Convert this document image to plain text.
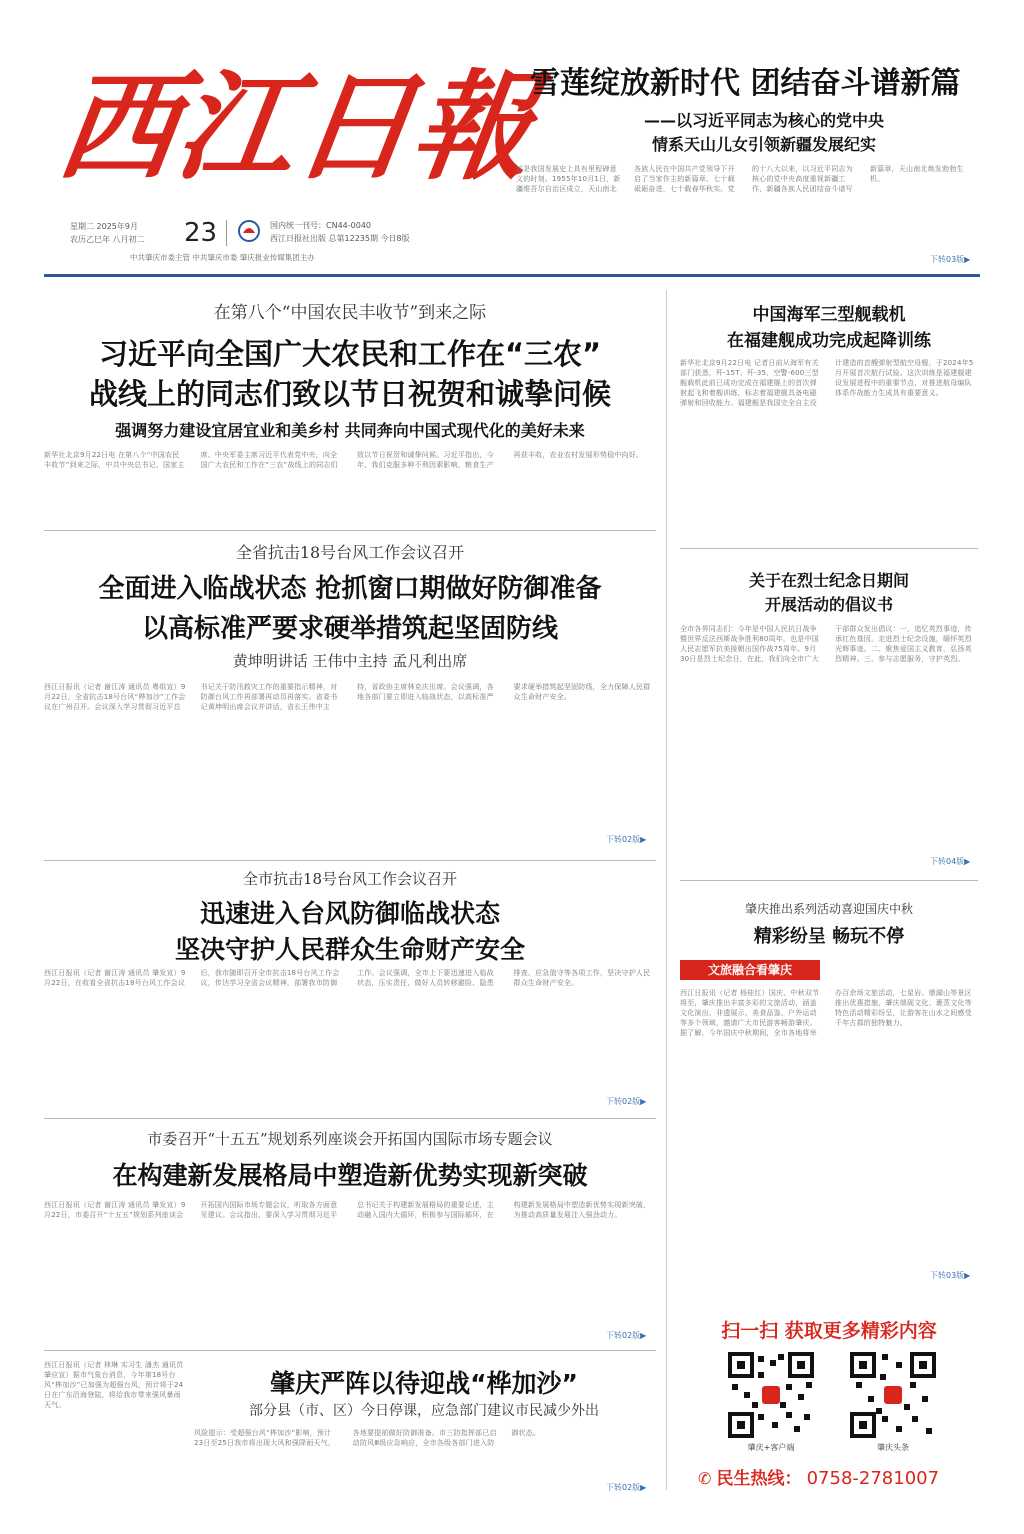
西江日報
星期二 2025年9月
农历乙巳年 八月初二	23	国内统一刊号：CN44-0040
西江日报社出版 总第12235期 今日8版
中共肇庆市委主管 中共肇庆市委 肇庆报业传媒集团主办
雪莲绽放新时代 团结奋斗谱新篇
——以习近平同志为核心的党中央
情系天山儿女引领新疆发展纪实
这是我国发展史上具有里程碑意义的时刻。1955年10月1日，新疆维吾尔自治区成立，天山南北各族人民在中国共产党领导下开启了当家作主的新篇章。七十载砥砺奋进，七十载春华秋实。党的十八大以来，以习近平同志为核心的党中央高度重视新疆工作，新疆各族人民团结奋斗谱写新篇章，天山南北焕发勃勃生机。
下转03版▶
在第八个“中国农民丰收节”到来之际
习近平向全国广大农民和工作在“三农”
战线上的同志们致以节日祝贺和诚挚问候
强调努力建设宜居宜业和美乡村 共同奔向中国式现代化的美好未来
新华社北京9月22日电 在第八个“中国农民丰收节”到来之际，中共中央总书记、国家主席、中央军委主席习近平代表党中央，向全国广大农民和工作在“三农”战线上的同志们致以节日祝贺和诚挚问候。习近平指出，今年，我们克服多种不利因素影响，粮食生产再获丰收，农业农村发展形势稳中向好。
全省抗击18号台风工作会议召开
全面进入临战状态 抢抓窗口期做好防御准备
以高标准严要求硬举措筑起坚固防线
黄坤明讲话 王伟中主持 孟凡利出席
西江日报讯（记者 谢江涛 通讯员 粤组宣）9月22日，全省抗击18号台风“桦加沙”工作会议在广州召开。会议深入学习贯彻习近平总书记关于防汛救灾工作的重要指示精神，对防御台风工作再部署再动员再落实。省委书记黄坤明出席会议并讲话，省长王伟中主持，省政协主席林克庆出席。会议强调，各地各部门要立即进入临战状态，以高标准严要求硬举措筑起坚固防线，全力保障人民群众生命财产安全。
下转02版▶
全市抗击18号台风工作会议召开
迅速进入台风防御临战状态
坚决守护人民群众生命财产安全
西江日报讯（记者 谢江涛 通讯员 肇发宣）9月22日，在收看全省抗击18号台风工作会议后，我市随即召开全市抗击18号台风工作会议，传达学习全省会议精神，部署我市防御工作。会议强调，全市上下要迅速进入临战状态，压实责任，做好人员转移避险、隐患排查、应急值守等各项工作，坚决守护人民群众生命财产安全。
下转02版▶
市委召开“十五五”规划系列座谈会开拓国内国际市场专题会议
在构建新发展格局中塑造新优势实现新突破
西江日报讯（记者 谢江涛 通讯员 肇发宣）9月22日，市委召开“十五五”规划系列座谈会开拓国内国际市场专题会议，听取各方面意见建议。会议指出，要深入学习贯彻习近平总书记关于构建新发展格局的重要论述，主动融入国内大循环，积极参与国际循环，在构建新发展格局中塑造新优势实现新突破，为推动高质量发展注入强劲动力。
下转02版▶
西江日报讯（记者 林琳 实习生 潘杰 通讯员 肇应宣）据市气象台消息，今年第18号台风“桦加沙”已加强为超强台风，预计将于24日在广东沿海登陆，将给我市带来强风暴雨天气。
肇庆严阵以待迎战“桦加沙”
部分县（市、区）今日停课，应急部门建议市民减少外出
风险提示：受超强台风“桦加沙”影响，预计23日至25日我市将出现大风和强降雨天气，各地要提前做好防御准备。市三防指挥部已启动防风Ⅲ级应急响应，全市各级各部门进入防御状态。
下转02版▶
中国海军三型舰载机
在福建舰成功完成起降训练
新华社北京9月22日电 记者日前从海军有关部门获悉，歼-15T、歼-35、空警-600三型舰载机此前已成功完成在福建舰上的首次弹射起飞和着舰训练，标志着福建舰具备电磁弹射和回收能力。福建舰是我国完全自主设计建造的首艘弹射型航空母舰，于2024年5月开展首次航行试验。这次训练是福建舰建设发展进程中的重要节点，对推进航母编队体系作战能力生成具有重要意义。
关于在烈士纪念日期间
开展活动的倡议书
全市各界同志们：今年是中国人民抗日战争暨世界反法西斯战争胜利80周年，也是中国人民志愿军抗美援朝出国作战75周年。9月30日是烈士纪念日，在此，我们向全市广大干部群众发出倡议：一、追忆英烈事迹，传承红色基因。走进烈士纪念设施，缅怀英烈光辉事迹。二、聚焦爱国主义教育，弘扬英烈精神。三、参与志愿服务，守护英烈。
下转04版▶
肇庆推出系列活动喜迎国庆中秋
精彩纷呈 畅玩不停
文旅融合看肇庆
西江日报讯（记者 杨桂红）国庆、中秋双节将至，肇庆推出丰富多彩的文旅活动，涵盖文化演出、非遗展示、美食品鉴、户外运动等多个领域，邀请广大市民游客畅游肇庆。据了解，今年国庆中秋期间，全市各地将举办百余场文旅活动，七星岩、鼎湖山等景区推出优惠措施，肇庆端砚文化、裹蒸文化等特色活动精彩纷呈，让游客在山水之间感受千年古郡的独特魅力。
下转03版▶
扫一扫 获取更多精彩内容
肇庆+客户端	肇庆头条
✆ 民生热线： 0758-2781007
